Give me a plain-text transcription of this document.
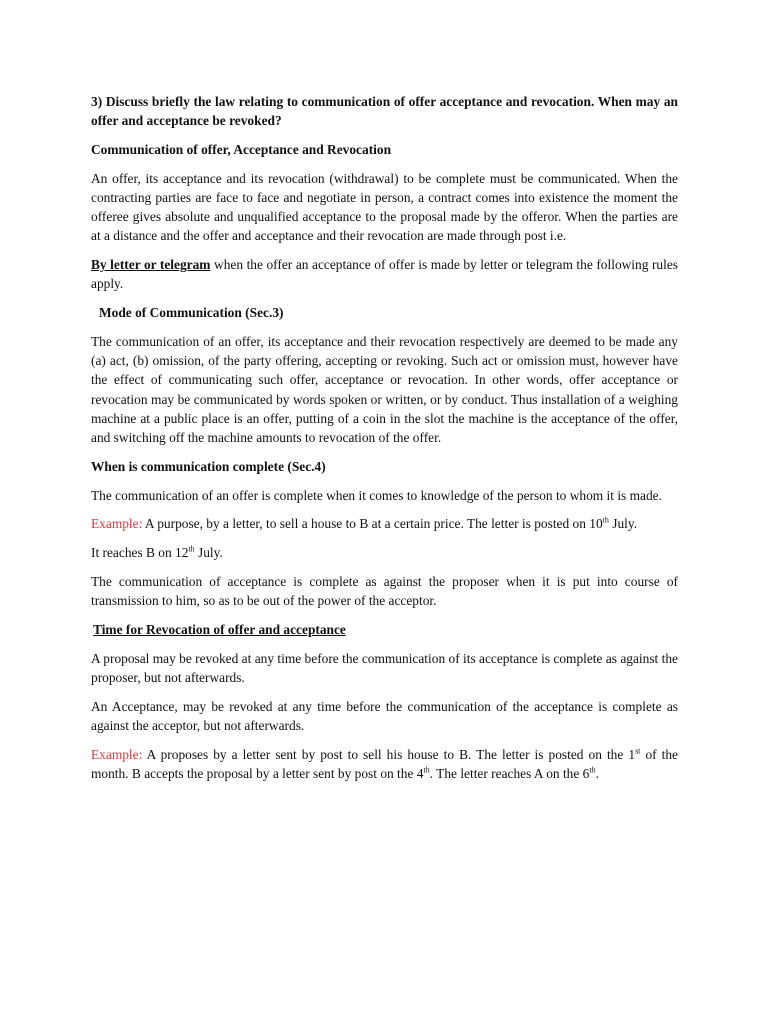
3) Discuss briefly the law relating to communication of offer acceptance and revocation. When may an offer and acceptance be revoked?

Communication of offer, Acceptance and Revocation

An offer, its acceptance and its revocation (withdrawal) to be complete must be communicated. When the contracting parties are face to face and negotiate in person, a contract comes into existence the moment the offeree gives absolute and unqualified acceptance to the proposal made by the offeror. When the parties are at a distance and the offer and acceptance and their revocation are made through post i.e.

By letter or telegram when the offer an acceptance of offer is made by letter or telegram the following rules apply.

Mode of Communication (Sec.3)

The communication of an offer, its acceptance and their revocation respectively are deemed to be made any (a) act, (b) omission, of the party offering, accepting or revoking. Such act or omission must, however have the effect of communicating such offer, acceptance or revocation. In other words, offer acceptance or revocation may be communicated by words spoken or written, or by conduct. Thus installation of a weighing machine at a public place is an offer, putting of a coin in the slot the machine is the acceptance of the offer, and switching off the machine amounts to revocation of the offer.

When is communication complete (Sec.4)

The communication of an offer is complete when it comes to knowledge of the person to whom it is made.

Example: A purpose, by a letter, to sell a house to B at a certain price. The letter is posted on 10th July.

It reaches B on 12th July.

The communication of acceptance is complete as against the proposer when it is put into course of transmission to him, so as to be out of the power of the acceptor.

Time for Revocation of offer and acceptance

A proposal may be revoked at any time before the communication of its acceptance is complete as against the proposer, but not afterwards.

An Acceptance, may be revoked at any time before the communication of the acceptance is complete as against the acceptor, but not afterwards.

Example: A proposes by a letter sent by post to sell his house to B. The letter is posted on the 1st of the month. B accepts the proposal by a letter sent by post on the 4th. The letter reaches A on the 6th.
